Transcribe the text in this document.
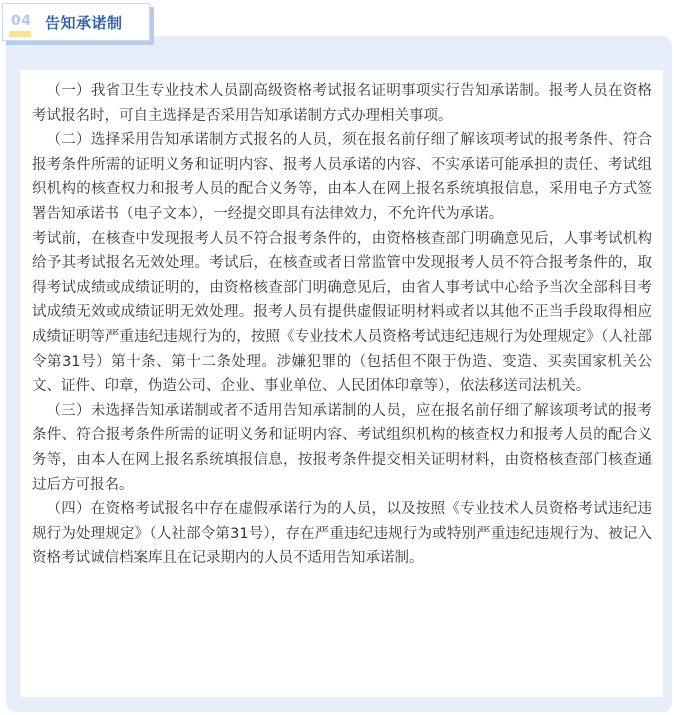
04 告知承诺制

（一）我省卫生专业技术人员副高级资格考试报名证明事项实行告知承诺制。报考人员在资格考试报名时，可自主选择是否采用告知承诺制方式办理相关事项。

（二）选择采用告知承诺制方式报名的人员，须在报名前仔细了解该项考试的报考条件、符合报考条件所需的证明义务和证明内容、报考人员承诺的内容、不实承诺可能承担的责任、考试组织机构的核查权力和报考人员的配合义务等，由本人在网上报名系统填报信息，采用电子方式签署告知承诺书（电子文本），一经提交即具有法律效力，不允许代为承诺。

考试前，在核查中发现报考人员不符合报考条件的，由资格核查部门明确意见后，人事考试机构给予其考试报名无效处理。考试后，在核查或者日常监管中发现报考人员不符合报考条件的，取得考试成绩或成绩证明的，由资格核查部门明确意见后，由省人事考试中心给予当次全部科目考试成绩无效或成绩证明无效处理。报考人员有提供虚假证明材料或者以其他不正当手段取得相应成绩证明等严重违纪违规行为的，按照《专业技术人员资格考试违纪违规行为处理规定》（人社部令第31号）第十条、第十二条处理。涉嫌犯罪的（包括但不限于伪造、变造、买卖国家机关公文、证件、印章，伪造公司、企业、事业单位、人民团体印章等），依法移送司法机关。

（三）未选择告知承诺制或者不适用告知承诺制的人员，应在报名前仔细了解该项考试的报考条件、符合报考条件所需的证明义务和证明内容、考试组织机构的核查权力和报考人员的配合义务等，由本人在网上报名系统填报信息，按报考条件提交相关证明材料，由资格核查部门核查通过后方可报名。

（四）在资格考试报名中存在虚假承诺行为的人员，以及按照《专业技术人员资格考试违纪违规行为处理规定》（人社部令第31号），存在严重违纪违规行为或特别严重违纪违规行为、被记入资格考试诚信档案库且在记录期内的人员不适用告知承诺制。
